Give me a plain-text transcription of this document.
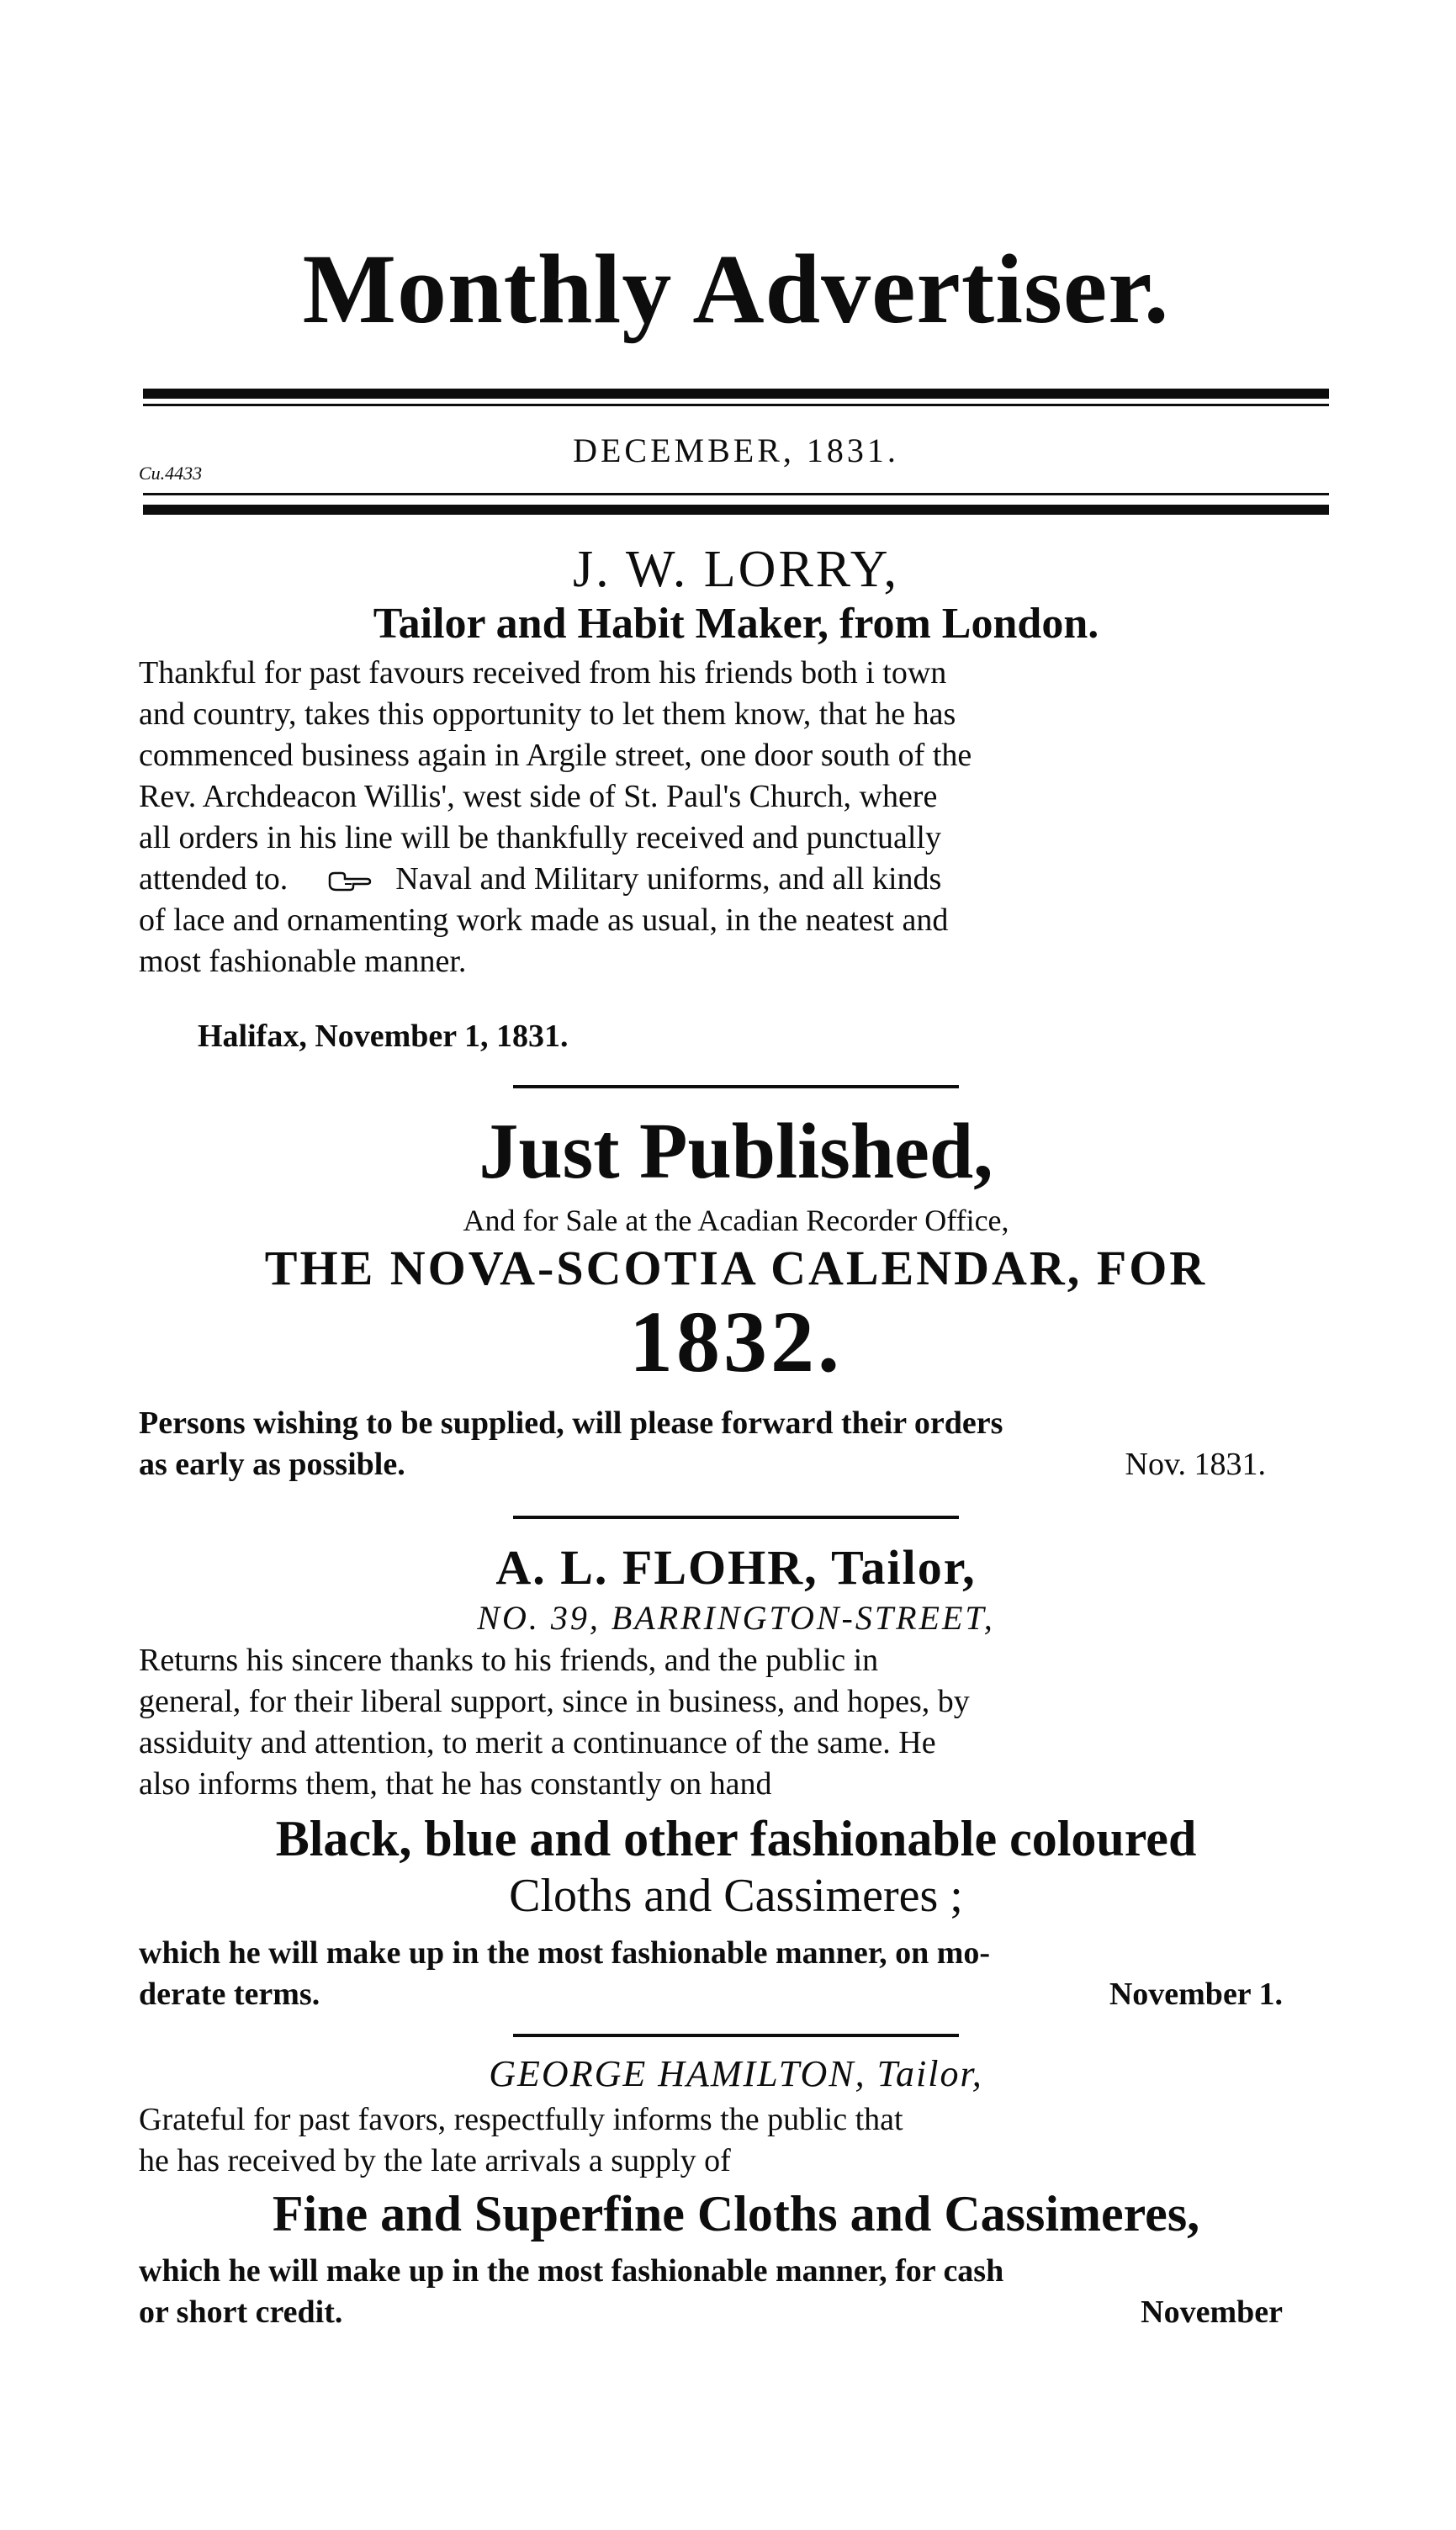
Monthly Advertiser.
DECEMBER, 1831.
Cu.4433
J. W. LORRY,
Tailor and Habit Maker, from London.
Thankful for past favours received from his friends both i town
and country, takes this opportunity to let them know, that he has
commenced business again in Argile street, one door south of the
Rev. Archdeacon Willis', west side of St. Paul's Church, where
all orders in his line will be thankfully received and punctually
attended to.	Naval and Military uniforms, and all kinds
of lace and ornamenting work made as usual, in the neatest and
most fashionable manner.
Halifax, November 1, 1831.
Just Published,
And for Sale at the Acadian Recorder Office,
THE NOVA-SCOTIA CALENDAR, FOR
1832.
Persons wishing to be supplied, will please forward their orders
as early as possible.	Nov. 1831.
A. L. FLOHR, Tailor,
NO. 39, BARRINGTON-STREET,
Returns his sincere thanks to his friends, and the public in
general, for their liberal support, since in business, and hopes, by
assiduity and attention, to merit a continuance of the same. He
also informs them, that he has constantly on hand
Black, blue and other fashionable coloured
Cloths and Cassimeres ;
which he will make up in the most fashionable manner, on mo-
derate terms.	November 1.
GEORGE HAMILTON, Tailor,
Grateful for past favors, respectfully informs the public that
he has received by the late arrivals a supply of
Fine and Superfine Cloths and Cassimeres,
which he will make up in the most fashionable manner, for cash
or short credit.	November
